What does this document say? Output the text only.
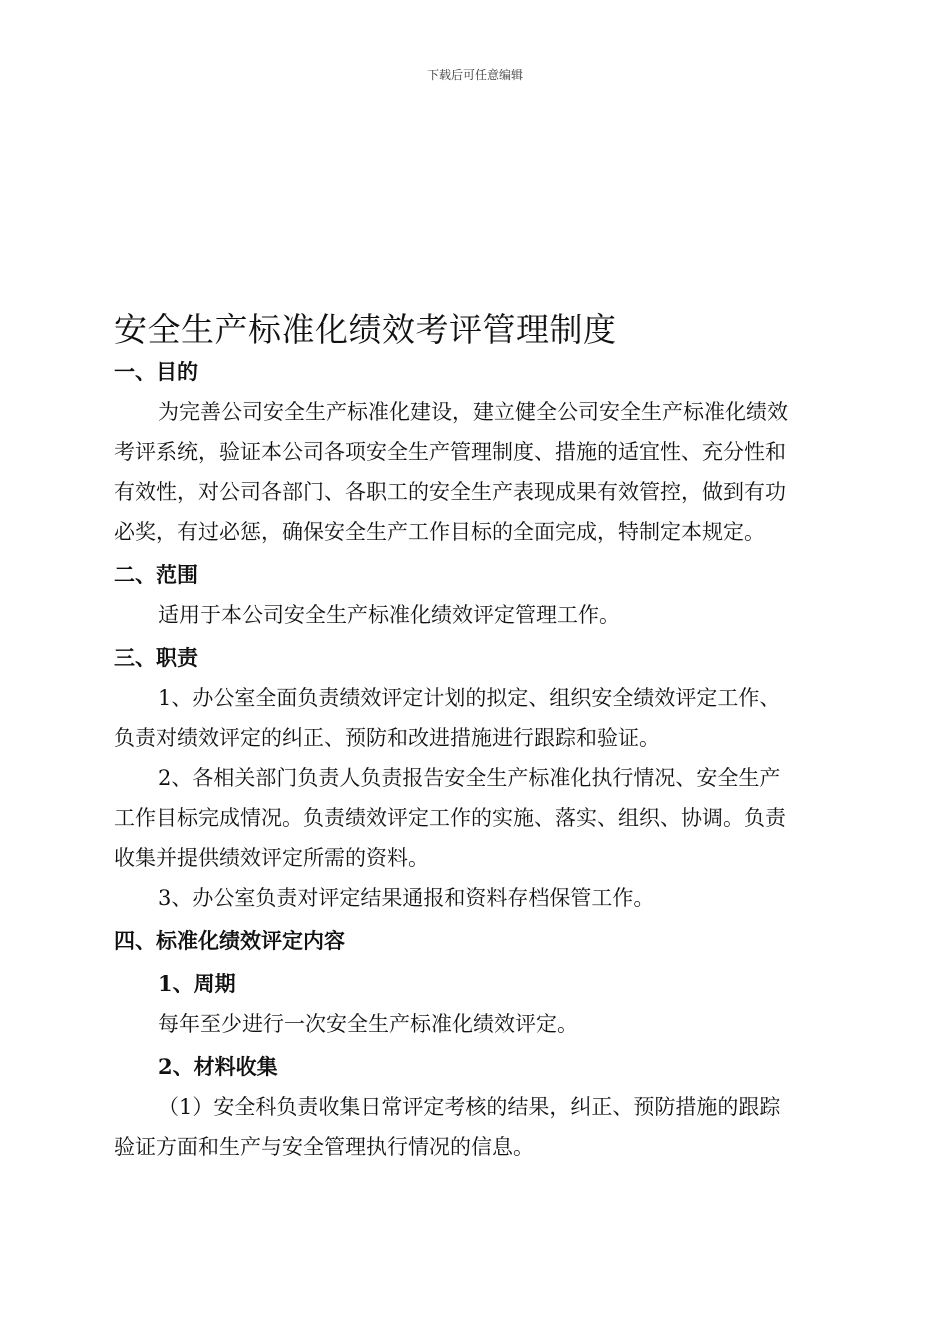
下载后可任意编辑
安全生产标准化绩效考评管理制度

一、目的

为完善公司安全生产标准化建设，建立健全公司安全生产标准化绩效

考评系统，验证本公司各项安全生产管理制度、措施的适宜性、充分性和

有效性，对公司各部门、各职工的安全生产表现成果有效管控，做到有功

必奖，有过必惩，确保安全生产工作目标的全面完成，特制定本规定。

二、范围

适用于本公司安全生产标准化绩效评定管理工作。

三、职责

1、办公室全面负责绩效评定计划的拟定、组织安全绩效评定工作、

负责对绩效评定的纠正、预防和改进措施进行跟踪和验证。

2、各相关部门负责人负责报告安全生产标准化执行情况、安全生产

工作目标完成情况。负责绩效评定工作的实施、落实、组织、协调。负责

收集并提供绩效评定所需的资料。

3、办公室负责对评定结果通报和资料存档保管工作。

四、标准化绩效评定内容

1、周期

每年至少进行一次安全生产标准化绩效评定。

2、材料收集

（1）安全科负责收集日常评定考核的结果，纠正、预防措施的跟踪

验证方面和生产与安全管理执行情况的信息。
